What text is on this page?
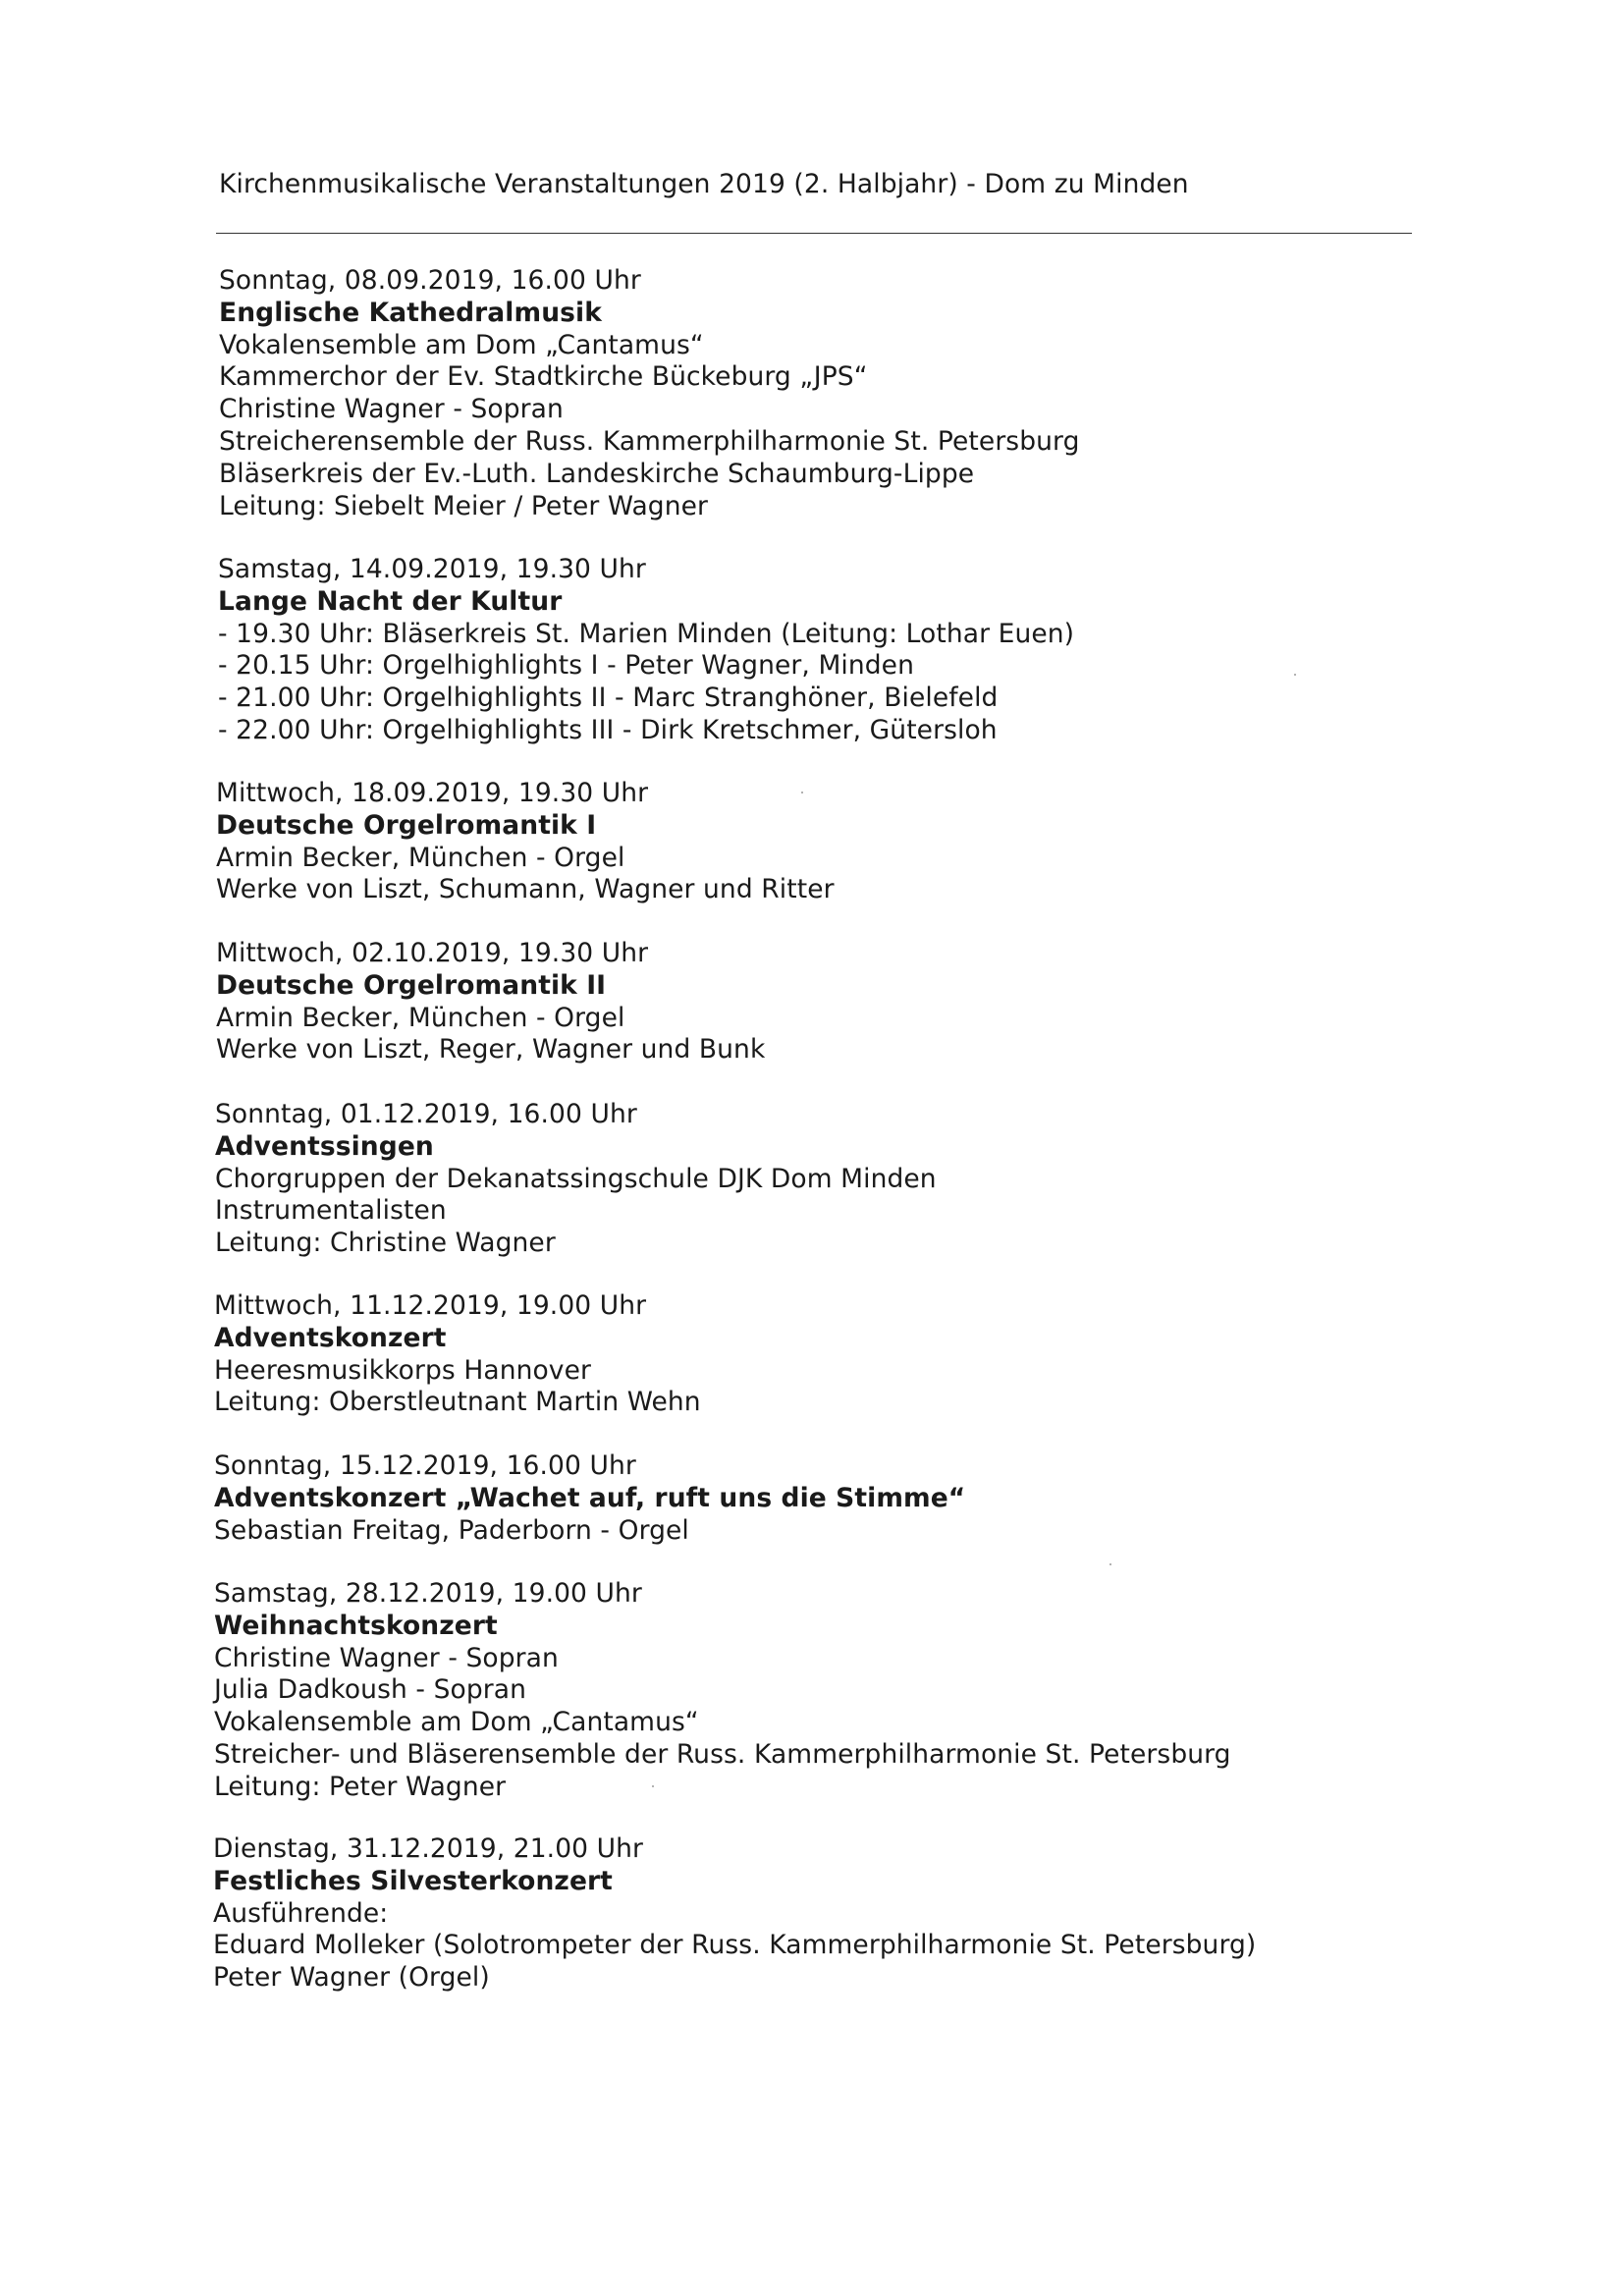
Kirchenmusikalische Veranstaltungen 2019 (2. Halbjahr) - Dom zu Minden
Sonntag, 08.09.2019, 16.00 Uhr
Englische Kathedralmusik
Vokalensemble am Dom „Cantamus“
Kammerchor der Ev. Stadtkirche Bückeburg „JPS“
Christine Wagner - Sopran
Streicherensemble der Russ. Kammerphilharmonie St. Petersburg
Bläserkreis der Ev.-Luth. Landeskirche Schaumburg-Lippe
Leitung: Siebelt Meier / Peter Wagner
Samstag, 14.09.2019, 19.30 Uhr
Lange Nacht der Kultur
- 19.30 Uhr: Bläserkreis St. Marien Minden (Leitung: Lothar Euen)
- 20.15 Uhr: Orgelhighlights I - Peter Wagner, Minden
- 21.00 Uhr: Orgelhighlights II - Marc Stranghöner, Bielefeld
- 22.00 Uhr: Orgelhighlights III - Dirk Kretschmer, Gütersloh
Mittwoch, 18.09.2019, 19.30 Uhr
Deutsche Orgelromantik I
Armin Becker, München - Orgel
Werke von Liszt, Schumann, Wagner und Ritter
Mittwoch, 02.10.2019, 19.30 Uhr
Deutsche Orgelromantik II
Armin Becker, München - Orgel
Werke von Liszt, Reger, Wagner und Bunk
Sonntag, 01.12.2019, 16.00 Uhr
Adventssingen
Chorgruppen der Dekanatssingschule DJK Dom Minden
Instrumentalisten
Leitung: Christine Wagner
Mittwoch, 11.12.2019, 19.00 Uhr
Adventskonzert
Heeresmusikkorps Hannover
Leitung: Oberstleutnant Martin Wehn
Sonntag, 15.12.2019, 16.00 Uhr
Adventskonzert „Wachet auf, ruft uns die Stimme“
Sebastian Freitag, Paderborn - Orgel
Samstag, 28.12.2019, 19.00 Uhr
Weihnachtskonzert
Christine Wagner - Sopran
Julia Dadkoush - Sopran
Vokalensemble am Dom „Cantamus“
Streicher- und Bläserensemble der Russ. Kammerphilharmonie St. Petersburg
Leitung: Peter Wagner
Dienstag, 31.12.2019, 21.00 Uhr
Festliches Silvesterkonzert
Ausführende:
Eduard Molleker (Solotrompeter der Russ. Kammerphilharmonie St. Petersburg)
Peter Wagner (Orgel)
